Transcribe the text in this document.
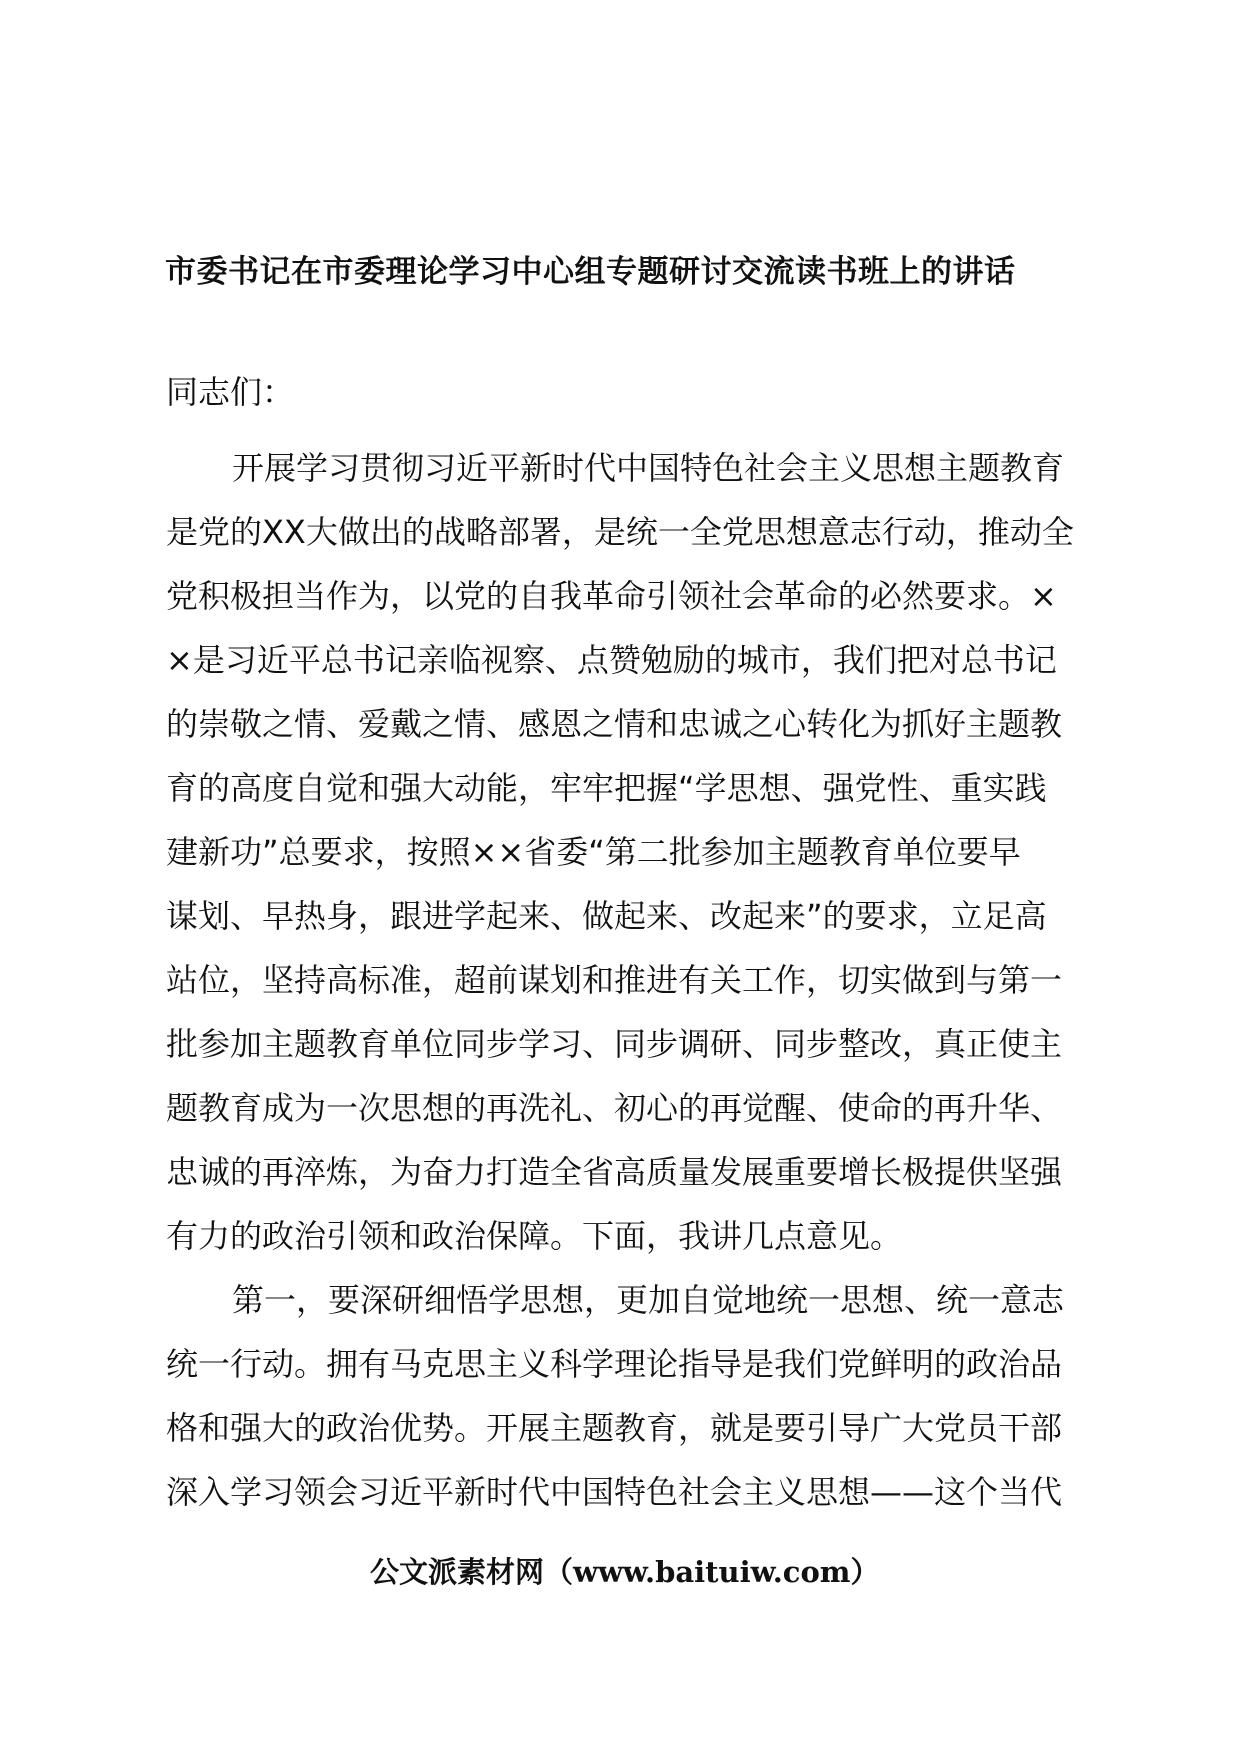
市委书记在市委理论学习中心组专题研讨交流读书班上的讲话

同志们：

开展学习贯彻习近平新时代中国特色社会主义思想主题教育
是党的XX大做出的战略部署，是统一全党思想意志行动，推动全
党积极担当作为，以党的自我革命引领社会革命的必然要求。×
×是习近平总书记亲临视察、点赞勉励的城市，我们把对总书记
的崇敬之情、爱戴之情、感恩之情和忠诚之心转化为抓好主题教
育的高度自觉和强大动能，牢牢把握“学思想、强党性、重实践
建新功”总要求，按照××省委“第二批参加主题教育单位要早
谋划、早热身，跟进学起来、做起来、改起来”的要求，立足高
站位，坚持高标准，超前谋划和推进有关工作，切实做到与第一
批参加主题教育单位同步学习、同步调研、同步整改，真正使主
题教育成为一次思想的再洗礼、初心的再觉醒、使命的再升华、
忠诚的再淬炼，为奋力打造全省高质量发展重要增长极提供坚强
有力的政治引领和政治保障。下面，我讲几点意见。
第一，要深研细悟学思想，更加自觉地统一思想、统一意志
统一行动。拥有马克思主义科学理论指导是我们党鲜明的政治品
格和强大的政治优势。开展主题教育，就是要引导广大党员干部
深入学习领会习近平新时代中国特色社会主义思想——这个当代

公文派素材网（www.baituiw.com）
